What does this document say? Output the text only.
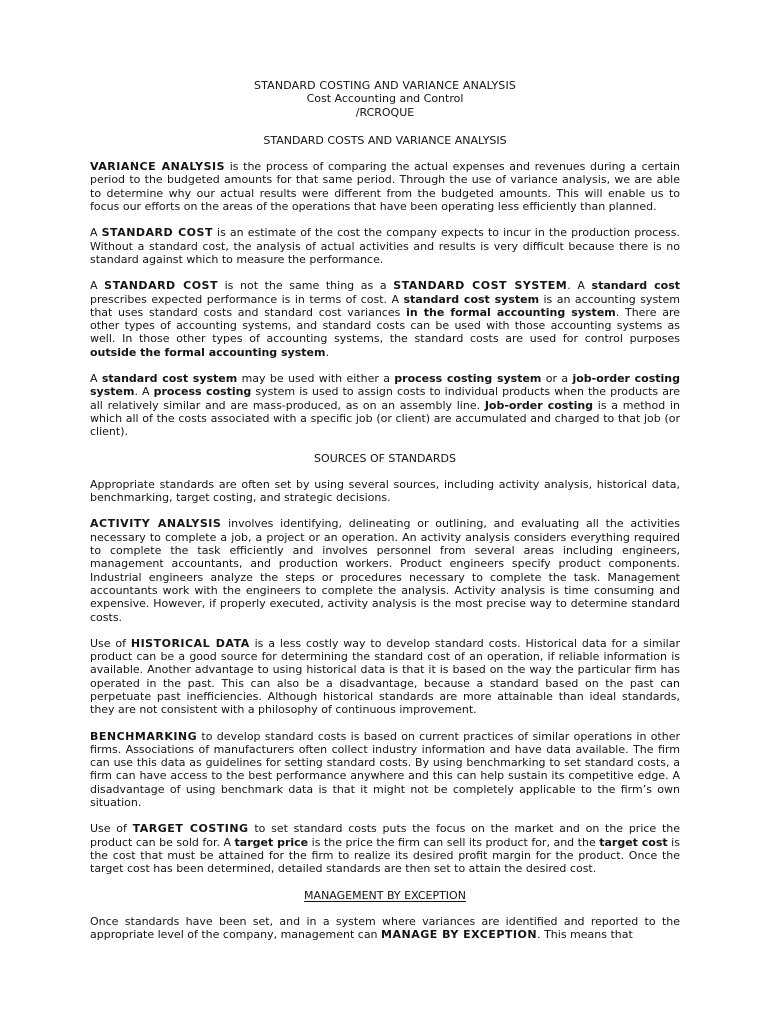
STANDARD COSTING AND VARIANCE ANALYSIS

Cost Accounting and Control

/RCROQUE

STANDARD COSTS AND VARIANCE ANALYSIS

VARIANCE ANALYSIS is the process of comparing the actual expenses and revenues during a certain period to the budgeted amounts for that same period. Through the use of variance analysis, we are able to determine why our actual results were different from the budgeted amounts. This will enable us to focus our efforts on the areas of the operations that have been operating less efficiently than planned.

A STANDARD COST is an estimate of the cost the company expects to incur in the production process. Without a standard cost, the analysis of actual activities and results is very difficult because there is no standard against which to measure the performance.

A STANDARD COST is not the same thing as a STANDARD COST SYSTEM. A standard cost prescribes expected performance is in terms of cost. A standard cost system is an accounting system that uses standard costs and standard cost variances in the formal accounting system. There are other types of accounting systems, and standard costs can be used with those accounting systems as well. In those other types of accounting systems, the standard costs are used for control purposes outside the formal accounting system.

A standard cost system may be used with either a process costing system or a job-order costing system. A process costing system is used to assign costs to individual products when the products are all relatively similar and are mass-produced, as on an assembly line. Job-order costing is a method in which all of the costs associated with a specific job (or client) are accumulated and charged to that job (or client).

SOURCES OF STANDARDS

Appropriate standards are often set by using several sources, including activity analysis, historical data, benchmarking, target costing, and strategic decisions.

ACTIVITY ANALYSIS involves identifying, delineating or outlining, and evaluating all the activities necessary to complete a job, a project or an operation. An activity analysis considers everything required to complete the task efficiently and involves personnel from several areas including engineers, management accountants, and production workers. Product engineers specify product components. Industrial engineers analyze the steps or procedures necessary to complete the task. Management accountants work with the engineers to complete the analysis. Activity analysis is time consuming and expensive. However, if properly executed, activity analysis is the most precise way to determine standard costs.

Use of HISTORICAL DATA is a less costly way to develop standard costs. Historical data for a similar product can be a good source for determining the standard cost of an operation, if reliable information is available. Another advantage to using historical data is that it is based on the way the particular firm has operated in the past. This can also be a disadvantage, because a standard based on the past can perpetuate past inefficiencies. Although historical standards are more attainable than ideal standards, they are not consistent with a philosophy of continuous improvement.

BENCHMARKING to develop standard costs is based on current practices of similar operations in other firms. Associations of manufacturers often collect industry information and have data available. The firm can use this data as guidelines for setting standard costs. By using benchmarking to set standard costs, a firm can have access to the best performance anywhere and this can help sustain its competitive edge. A disadvantage of using benchmark data is that it might not be completely applicable to the firm’s own situation.

Use of TARGET COSTING to set standard costs puts the focus on the market and on the price the product can be sold for. A target price is the price the firm can sell its product for, and the target cost is the cost that must be attained for the firm to realize its desired profit margin for the product. Once the target cost has been determined, detailed standards are then set to attain the desired cost.

MANAGEMENT BY EXCEPTION

Once standards have been set, and in a system where variances are identified and reported to the appropriate level of the company, management can MANAGE BY EXCEPTION. This means that
